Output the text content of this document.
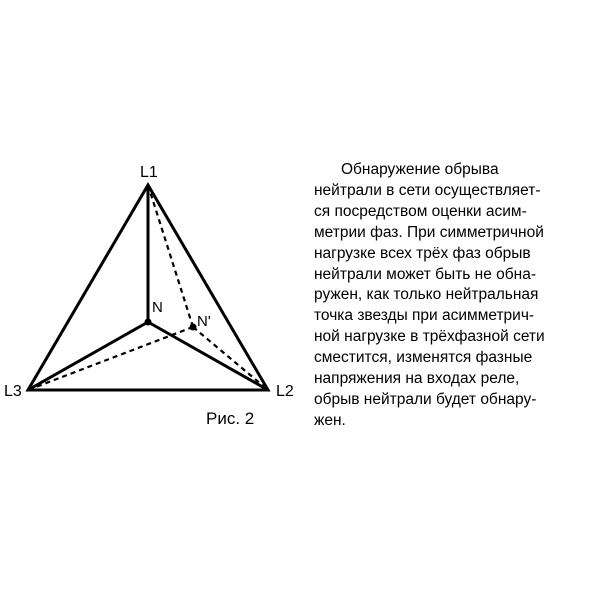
L1
L2
L3
N
N'
Рис. 2
Обнаружение обрыва
нейтрали в сети осуществляет-
ся посредством оценки асим-
метрии фаз. При симметричной
нагрузке всех трёх фаз обрыв
нейтрали может быть не обна-
ружен, как только нейтральная
точка звезды при асимметрич-
ной нагрузке в трёхфазной сети
сместится, изменятся фазные
напряжения на входах реле,
обрыв нейтрали будет обнару-
жен.
